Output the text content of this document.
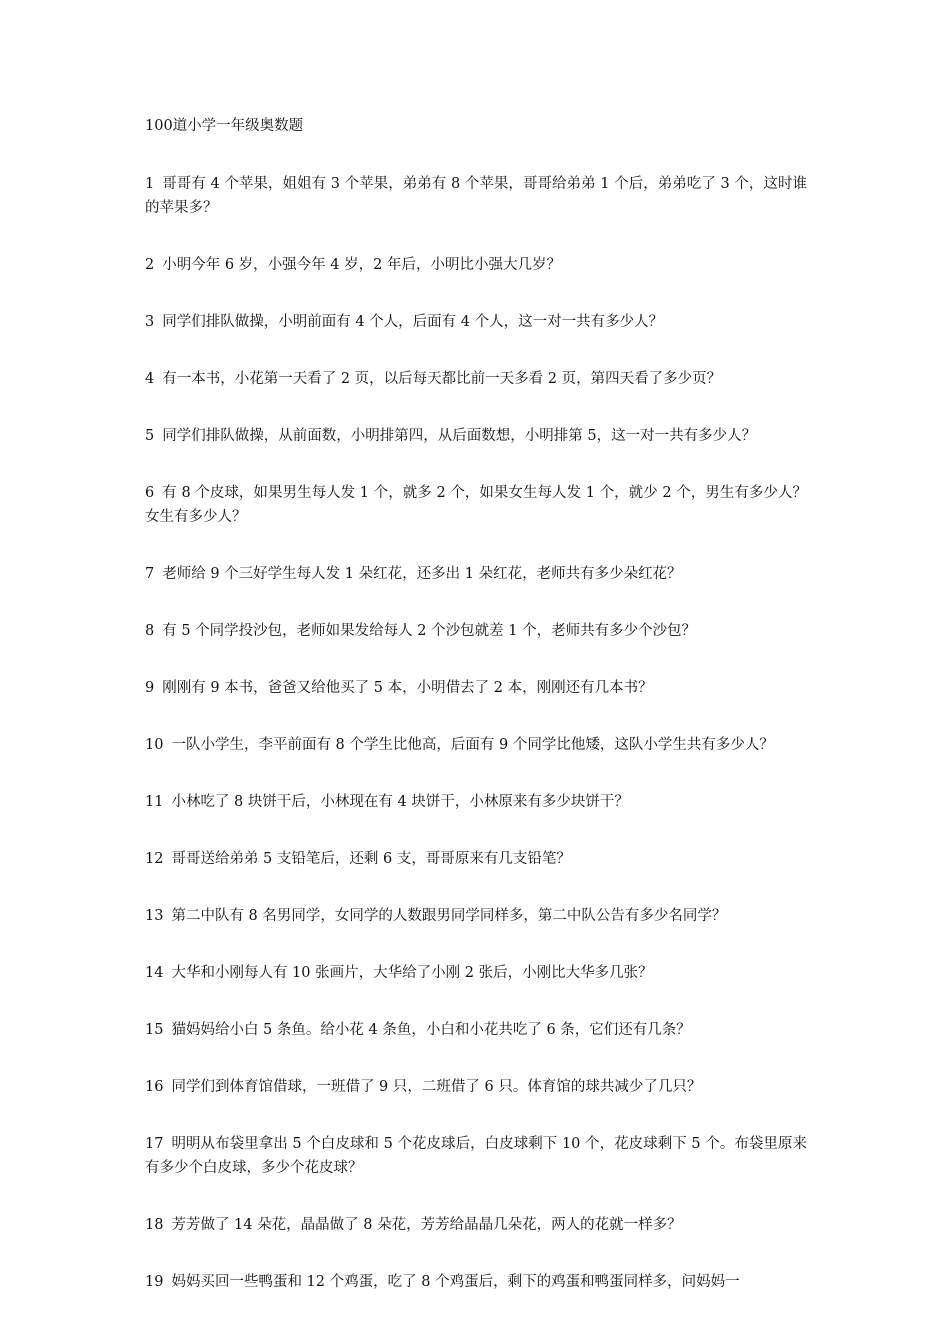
100道小学一年级奥数题
1 哥哥有 4 个苹果，姐姐有 3 个苹果，弟弟有 8 个苹果，哥哥给弟弟 1 个后，弟弟吃了 3 个，这时谁的苹果多？
2 小明今年 6 岁，小强今年 4 岁，2 年后，小明比小强大几岁？
3 同学们排队做操，小明前面有 4 个人，后面有 4 个人，这一对一共有多少人？
4 有一本书，小花第一天看了 2 页，以后每天都比前一天多看 2 页，第四天看了多少页？
5 同学们排队做操，从前面数，小明排第四，从后面数想，小明排第 5，这一对一共有多少人？
6 有 8 个皮球，如果男生每人发 1 个，就多 2 个，如果女生每人发 1 个，就少 2 个，男生有多少人？女生有多少人？
7 老师给 9 个三好学生每人发 1 朵红花，还多出 1 朵红花，老师共有多少朵红花？
8 有 5 个同学投沙包，老师如果发给每人 2 个沙包就差 1 个，老师共有多少个沙包？
9 刚刚有 9 本书，爸爸又给他买了 5 本，小明借去了 2 本，刚刚还有几本书？
10 一队小学生，李平前面有 8 个学生比他高，后面有 9 个同学比他矮，这队小学生共有多少人？
11 小林吃了 8 块饼干后，小林现在有 4 块饼干，小林原来有多少块饼干？
12 哥哥送给弟弟 5 支铅笔后，还剩 6 支，哥哥原来有几支铅笔？
13 第二中队有 8 名男同学，女同学的人数跟男同学同样多，第二中队公告有多少名同学？
14 大华和小刚每人有 10 张画片，大华给了小刚 2 张后，小刚比大华多几张？
15 猫妈妈给小白 5 条鱼。给小花 4 条鱼，小白和小花共吃了 6 条，它们还有几条？
16 同学们到体育馆借球，一班借了 9 只，二班借了 6 只。体育馆的球共减少了几只？
17 明明从布袋里拿出 5 个白皮球和 5 个花皮球后，白皮球剩下 10 个，花皮球剩下 5 个。布袋里原来有多少个白皮球，多少个花皮球？
18 芳芳做了 14 朵花，晶晶做了 8 朵花，芳芳给晶晶几朵花，两人的花就一样多？
19 妈妈买回一些鸭蛋和 12 个鸡蛋，吃了 8 个鸡蛋后，剩下的鸡蛋和鸭蛋同样多，问妈妈一
